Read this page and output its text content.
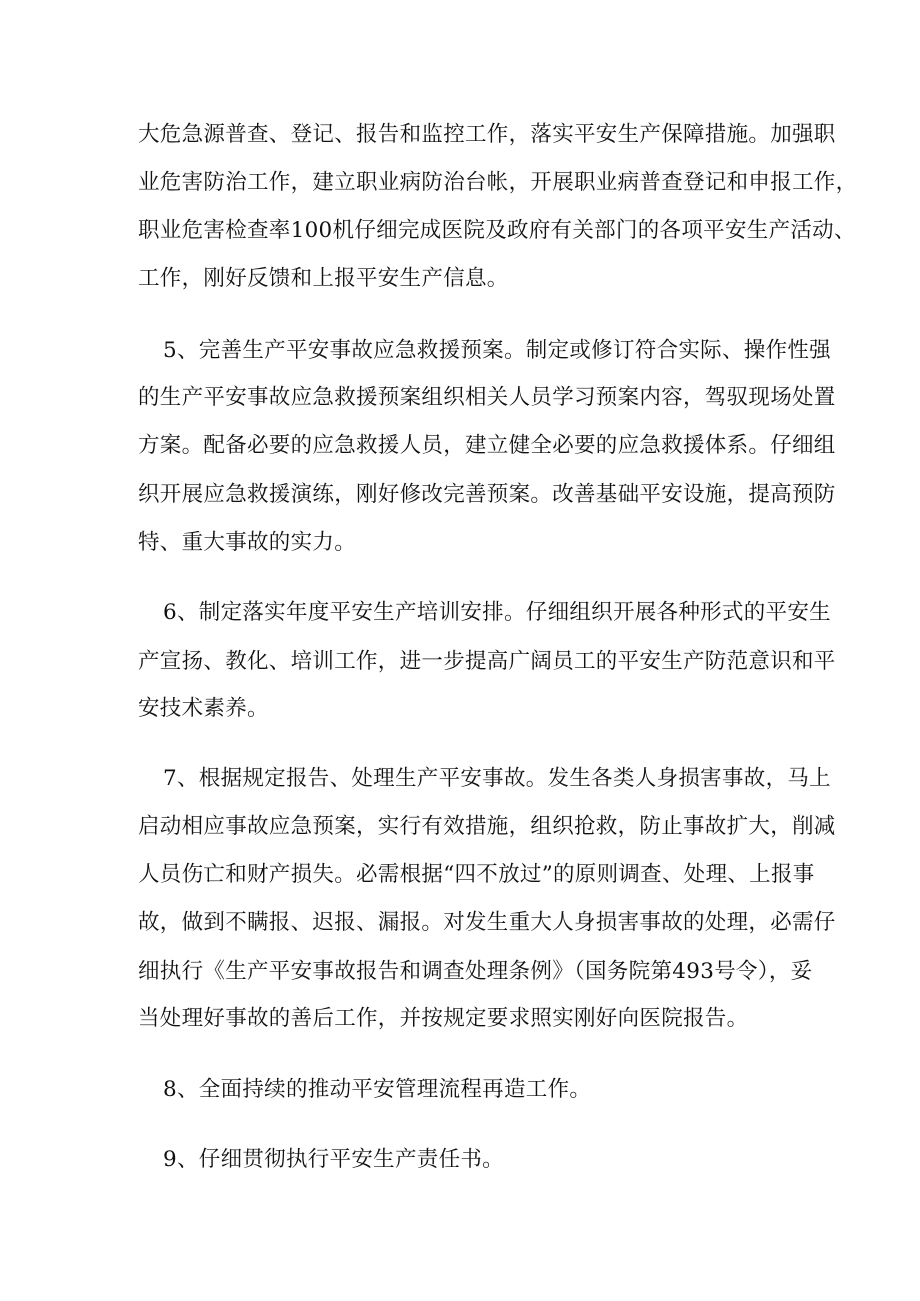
大危急源普查、登记、报告和监控工作，落实平安生产保障措施。加强职
业危害防治工作，建立职业病防治台帐，开展职业病普查登记和申报工作，
职业危害检查率100机仔细完成医院及政府有关部门的各项平安生产活动、
工作，刚好反馈和上报平安生产信息。
5、完善生产平安事故应急救援预案。制定或修订符合实际、操作性强
的生产平安事故应急救援预案组织相关人员学习预案内容，驾驭现场处置
方案。配备必要的应急救援人员，建立健全必要的应急救援体系。仔细组
织开展应急救援演练，刚好修改完善预案。改善基础平安设施，提高预防
特、重大事故的实力。
6、制定落实年度平安生产培训安排。仔细组织开展各种形式的平安生
产宣扬、教化、培训工作，进一步提高广阔员工的平安生产防范意识和平
安技术素养。
7、根据规定报告、处理生产平安事故。发生各类人身损害事故，马上
启动相应事故应急预案，实行有效措施，组织抢救，防止事故扩大，削减
人员伤亡和财产损失。必需根据“四不放过”的原则调查、处理、上报事
故，做到不瞒报、迟报、漏报。对发生重大人身损害事故的处理，必需仔
细执行《生产平安事故报告和调查处理条例》（国务院第493号令），妥
当处理好事故的善后工作，并按规定要求照实刚好向医院报告。
8、全面持续的推动平安管理流程再造工作。
9、仔细贯彻执行平安生产责任书。
